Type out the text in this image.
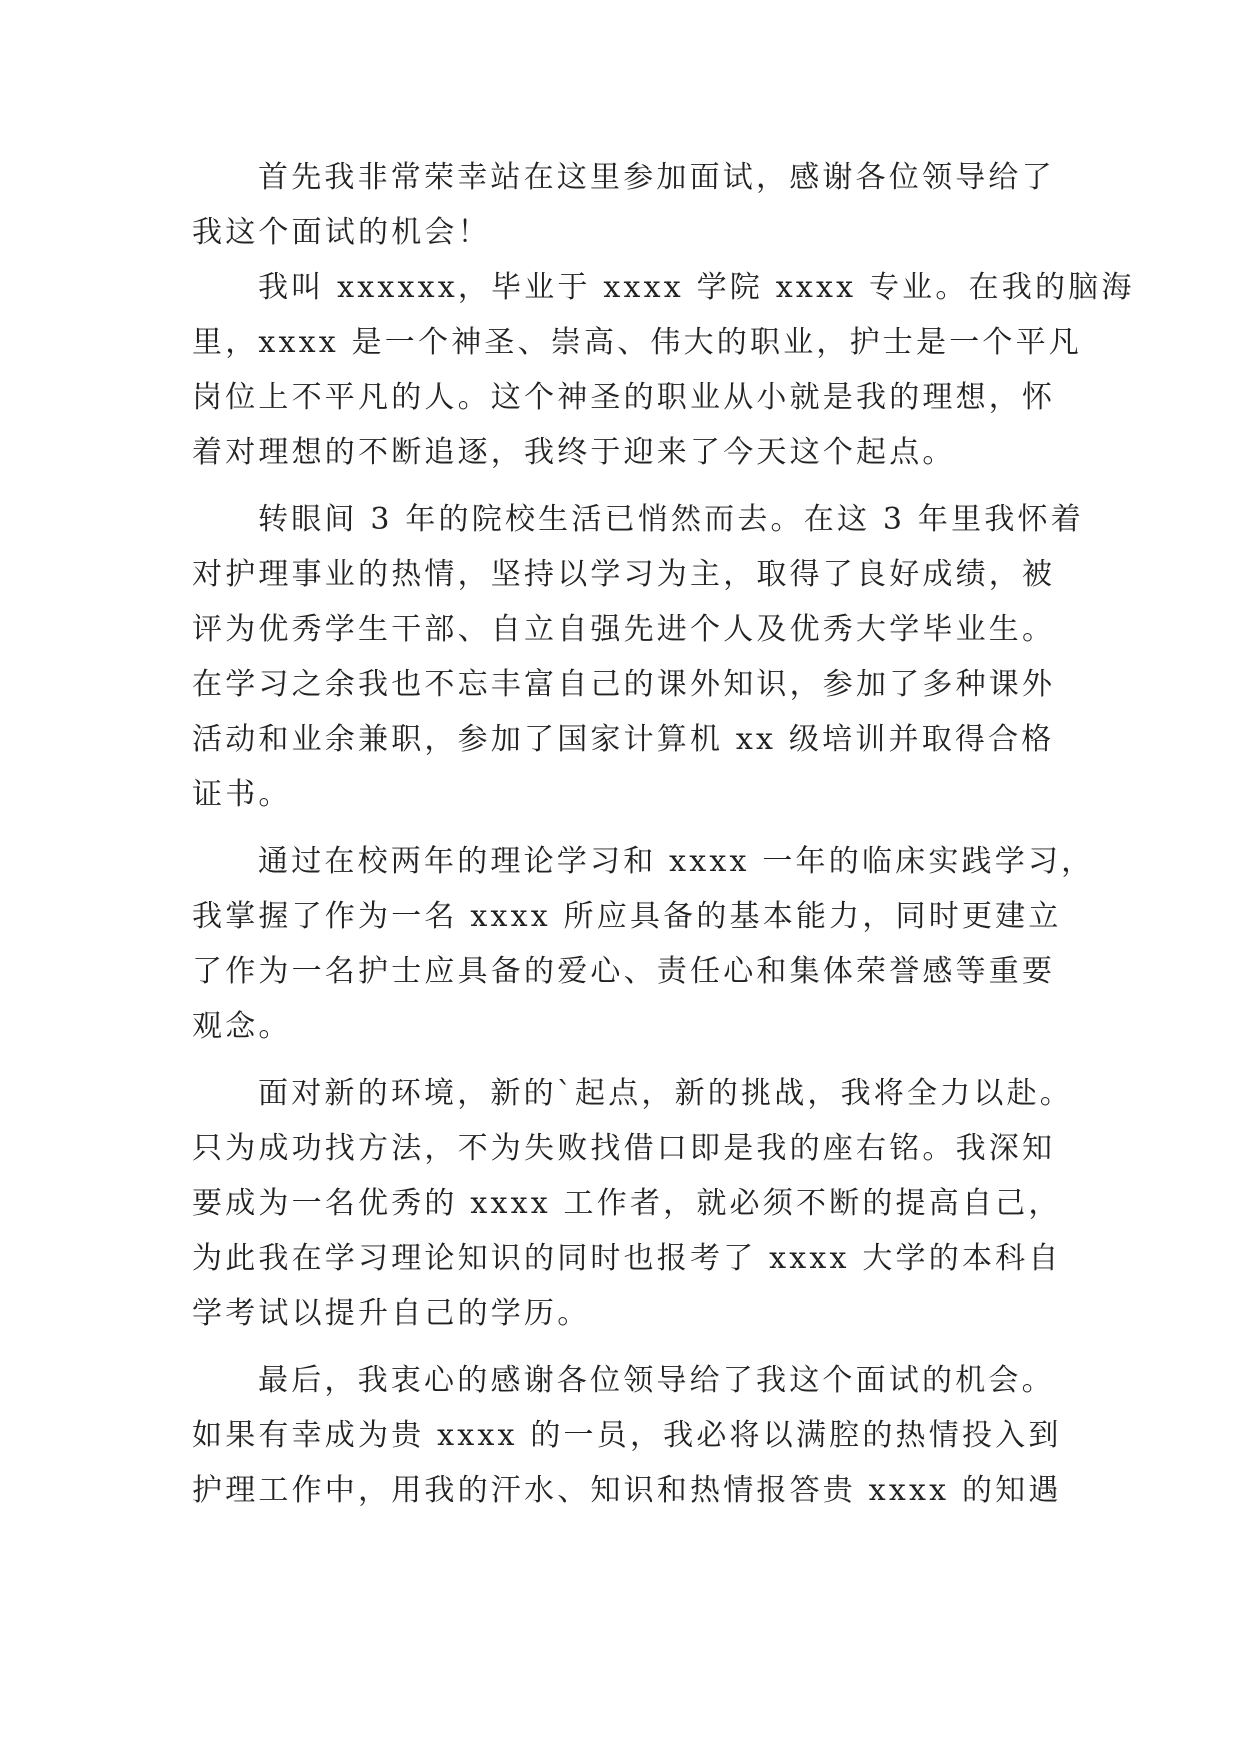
首先我非常荣幸站在这里参加面试，感谢各位领导给了
我这个面试的机会！
我叫 xxxxxx，毕业于 xxxx 学院 xxxx 专业。在我的脑海
里，xxxx 是一个神圣、崇高、伟大的职业，护士是一个平凡
岗位上不平凡的人。这个神圣的职业从小就是我的理想，怀
着对理想的不断追逐，我终于迎来了今天这个起点。
转眼间 3 年的院校生活已悄然而去。在这 3 年里我怀着
对护理事业的热情，坚持以学习为主，取得了良好成绩，被
评为优秀学生干部、自立自强先进个人及优秀大学毕业生。
在学习之余我也不忘丰富自己的课外知识，参加了多种课外
活动和业余兼职，参加了国家计算机 xx 级培训并取得合格
证书。
通过在校两年的理论学习和 xxxx 一年的临床实践学习，
我掌握了作为一名 xxxx 所应具备的基本能力，同时更建立
了作为一名护士应具备的爱心、责任心和集体荣誉感等重要
观念。
面对新的环境，新的`起点，新的挑战，我将全力以赴。
只为成功找方法，不为失败找借口即是我的座右铭。我深知
要成为一名优秀的 xxxx 工作者，就必须不断的提高自己，
为此我在学习理论知识的同时也报考了 xxxx 大学的本科自
学考试以提升自己的学历。
最后，我衷心的感谢各位领导给了我这个面试的机会。
如果有幸成为贵 xxxx 的一员，我必将以满腔的热情投入到
护理工作中，用我的汗水、知识和热情报答贵 xxxx 的知遇
